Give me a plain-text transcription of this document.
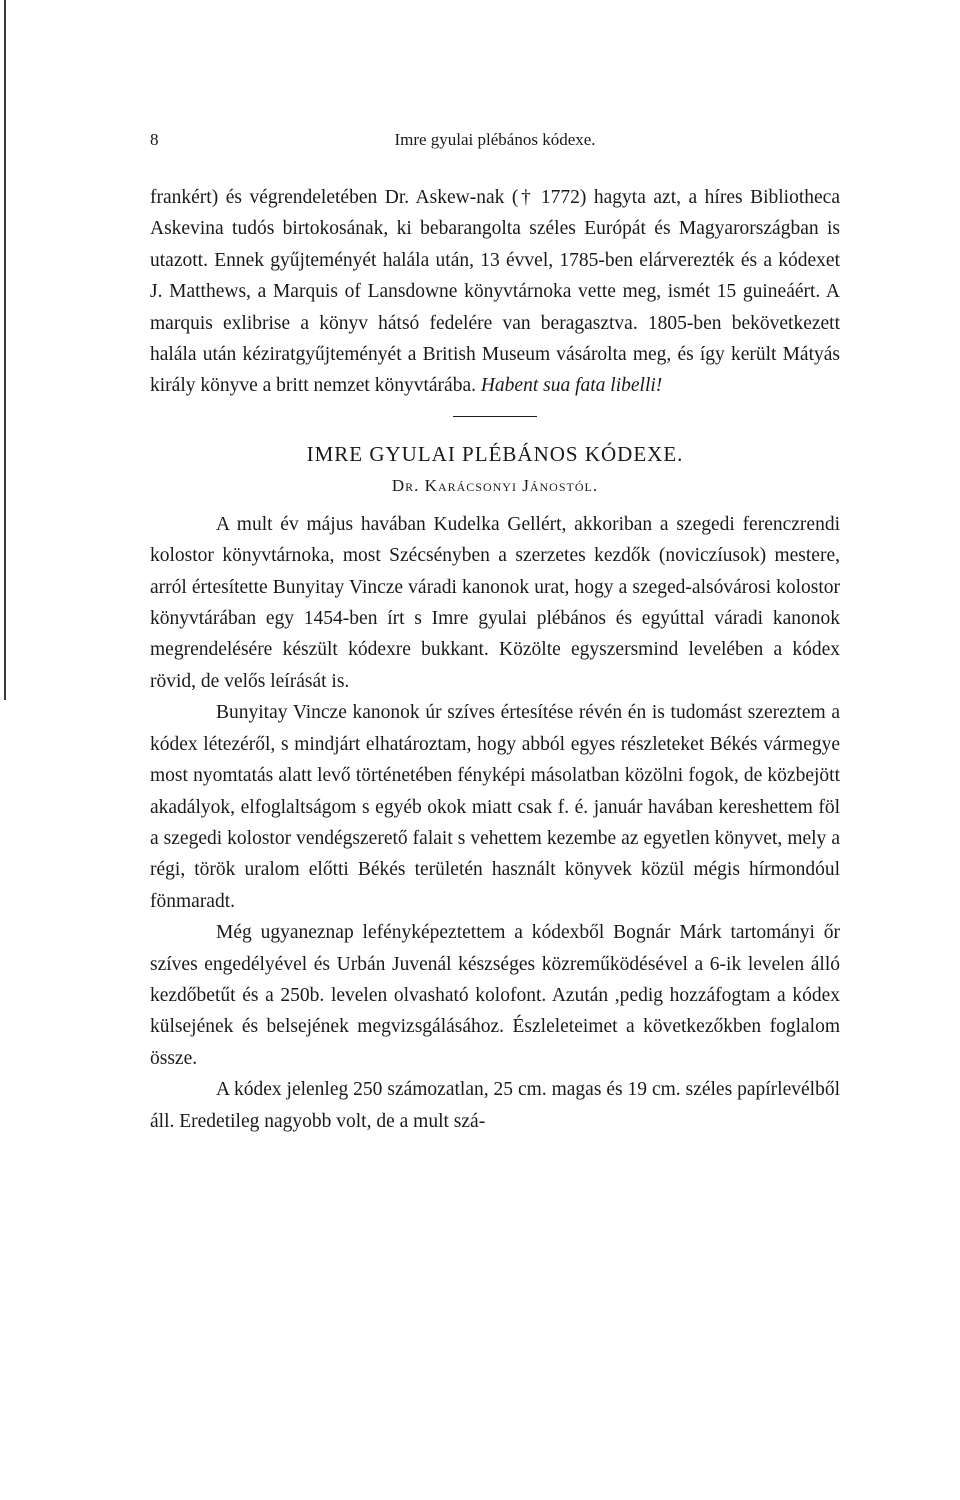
8	Imre gyulai plébános kódexe.

frankért) és végrendeletében Dr. Askew-nak († 1772) hagyta azt, a híres Bibliotheca Askevina tudós birtokosának, ki bebarangolta széles Európát és Magyarországban is utazott. Ennek gyűjteményét halála után, 13 évvel, 1785-ben elárverezték és a kódexet J. Matthews, a Marquis of Lansdowne könyvtárnoka vette meg, ismét 15 guineáért. A marquis exlibrise a könyv hátsó fedelére van beragasztva. 1805-ben bekövetkezett halála után kéziratgyűjteményét a British Museum vásárolta meg, és így került Mátyás király könyve a britt nemzet könyvtárába. Habent sua fata libelli!

IMRE GYULAI PLÉBÁNOS KÓDEXE.
Dr. Karácsonyi Jánostól.

A mult év május havában Kudelka Gellért, akkoriban a szegedi ferenczrendi kolostor könyvtárnoka, most Szécsényben a szerzetes kezdők (noviczíusok) mestere, arról értesítette Bunyitay Vincze váradi kanonok urat, hogy a szeged-alsóvárosi kolostor könyvtárában egy 1454-ben írt s Imre gyulai plébános és egyúttal váradi kanonok megrendelésére készült kódexre bukkant. Közölte egyszersmind levelében a kódex rövid, de velős leírását is.

Bunyitay Vincze kanonok úr szíves értesítése révén én is tudomást szereztem a kódex létezéről, s mindjárt elhatároztam, hogy abból egyes részleteket Békés vármegye most nyomtatás alatt levő történetében fényképi másolatban közölni fogok, de közbejött akadályok, elfoglaltságom s egyéb okok miatt csak f. é. január havában kereshettem föl a szegedi kolostor vendégszerető falait s vehettem kezembe az egyetlen könyvet, mely a régi, török uralom előtti Békés területén használt könyvek közül mégis hírmondóul fönmaradt.

Még ugyaneznap lefényképeztettem a kódexből Bognár Márk tartományi őr szíves engedélyével és Urbán Juvenál készséges közreműködésével a 6-ik levelen álló kezdőbetűt és a 250b. levelen olvasható kolofont. Azután ,pedig hozzáfogtam a kódex külsejének és belsejének megvizsgálásához. Észleleteimet a következőkben foglalom össze.

A kódex jelenleg 250 számozatlan, 25 cm. magas és 19 cm. széles papírlevélből áll. Eredetileg nagyobb volt, de a mult szá-
